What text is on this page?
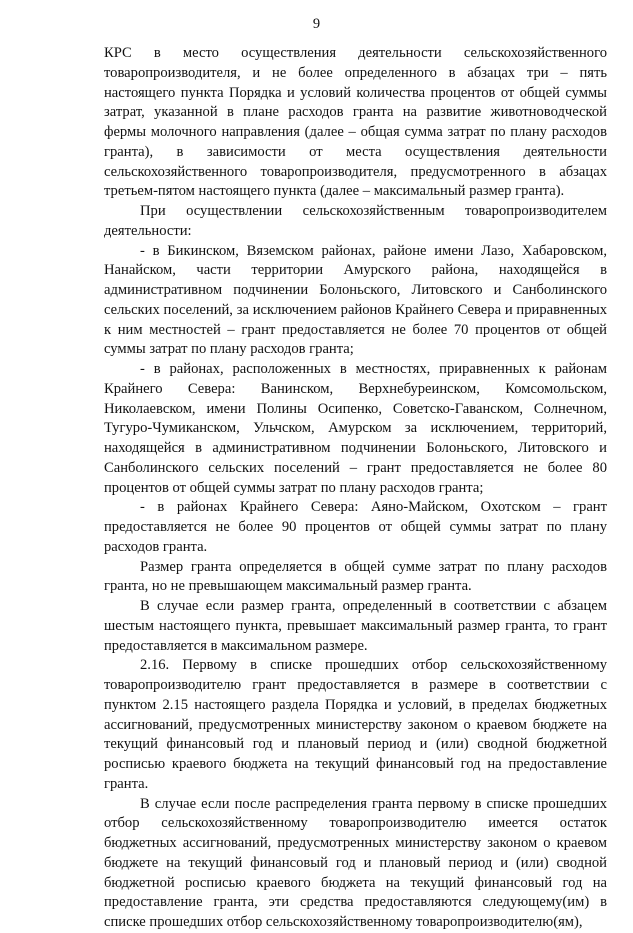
9

КРС в место осуществления деятельности сельскохозяйственного товаропроизводителя, и не более определенного в абзацах три – пять настоящего пункта Порядка и условий количества процентов от общей суммы затрат, указанной в плане расходов гранта на развитие животноводческой фермы молочного направления (далее – общая сумма затрат по плану расходов гранта), в зависимости от места осуществления деятельности сельскохозяйственного товаропроизводителя, предусмотренного в абзацах третьем-пятом настоящего пункта (далее – максимальный размер гранта).

При осуществлении сельскохозяйственным товаропроизводителем деятельности:

- в Бикинском, Вяземском районах, районе имени Лазо, Хабаровском, Нанайском, части территории Амурского района, находящейся в административном подчинении Болоньского, Литовского и Санболинского сельских поселений, за исключением районов Крайнего Севера и приравненных к ним местностей – грант предоставляется не более 70 процентов от общей суммы затрат по плану расходов гранта;

- в районах, расположенных в местностях, приравненных к районам Крайнего Севера: Ванинском, Верхнебуреинском, Комсомольском, Николаевском, имени Полины Осипенко, Советско-Гаванском, Солнечном, Тугуро-Чумиканском, Ульчском, Амурском за исключением, территорий, находящейся в административном подчинении Болоньского, Литовского и Санболинского сельских поселений – грант предоставляется не более 80 процентов от общей суммы затрат по плану расходов гранта;

- в районах Крайнего Севера: Аяно-Майском, Охотском – грант предоставляется не более 90 процентов от общей суммы затрат по плану расходов гранта.

Размер гранта определяется в общей сумме затрат по плану расходов гранта, но не превышающем максимальный размер гранта.

В случае если размер гранта, определенный в соответствии с абзацем шестым настоящего пункта, превышает максимальный размер гранта, то грант предоставляется в максимальном размере.

2.16. Первому в списке прошедших отбор сельскохозяйственному товаропроизводителю грант предоставляется в размере в соответствии с пунктом 2.15 настоящего раздела Порядка и условий, в пределах бюджетных ассигнований, предусмотренных министерству законом о краевом бюджете на текущий финансовый год и плановый период и (или) сводной бюджетной росписью краевого бюджета на текущий финансовый год на предоставление гранта.

В случае если после распределения гранта первому в списке прошедших отбор сельскохозяйственному товаропроизводителю имеется остаток бюджетных ассигнований, предусмотренных министерству законом о краевом бюджете на текущий финансовый год и плановый период и (или) сводной бюджетной росписью краевого бюджета на текущий финансовый год на предоставление гранта, эти средства предоставляются следующему(им) в списке прошедших отбор сельскохозяйственному товаропроизводителю(ям),
